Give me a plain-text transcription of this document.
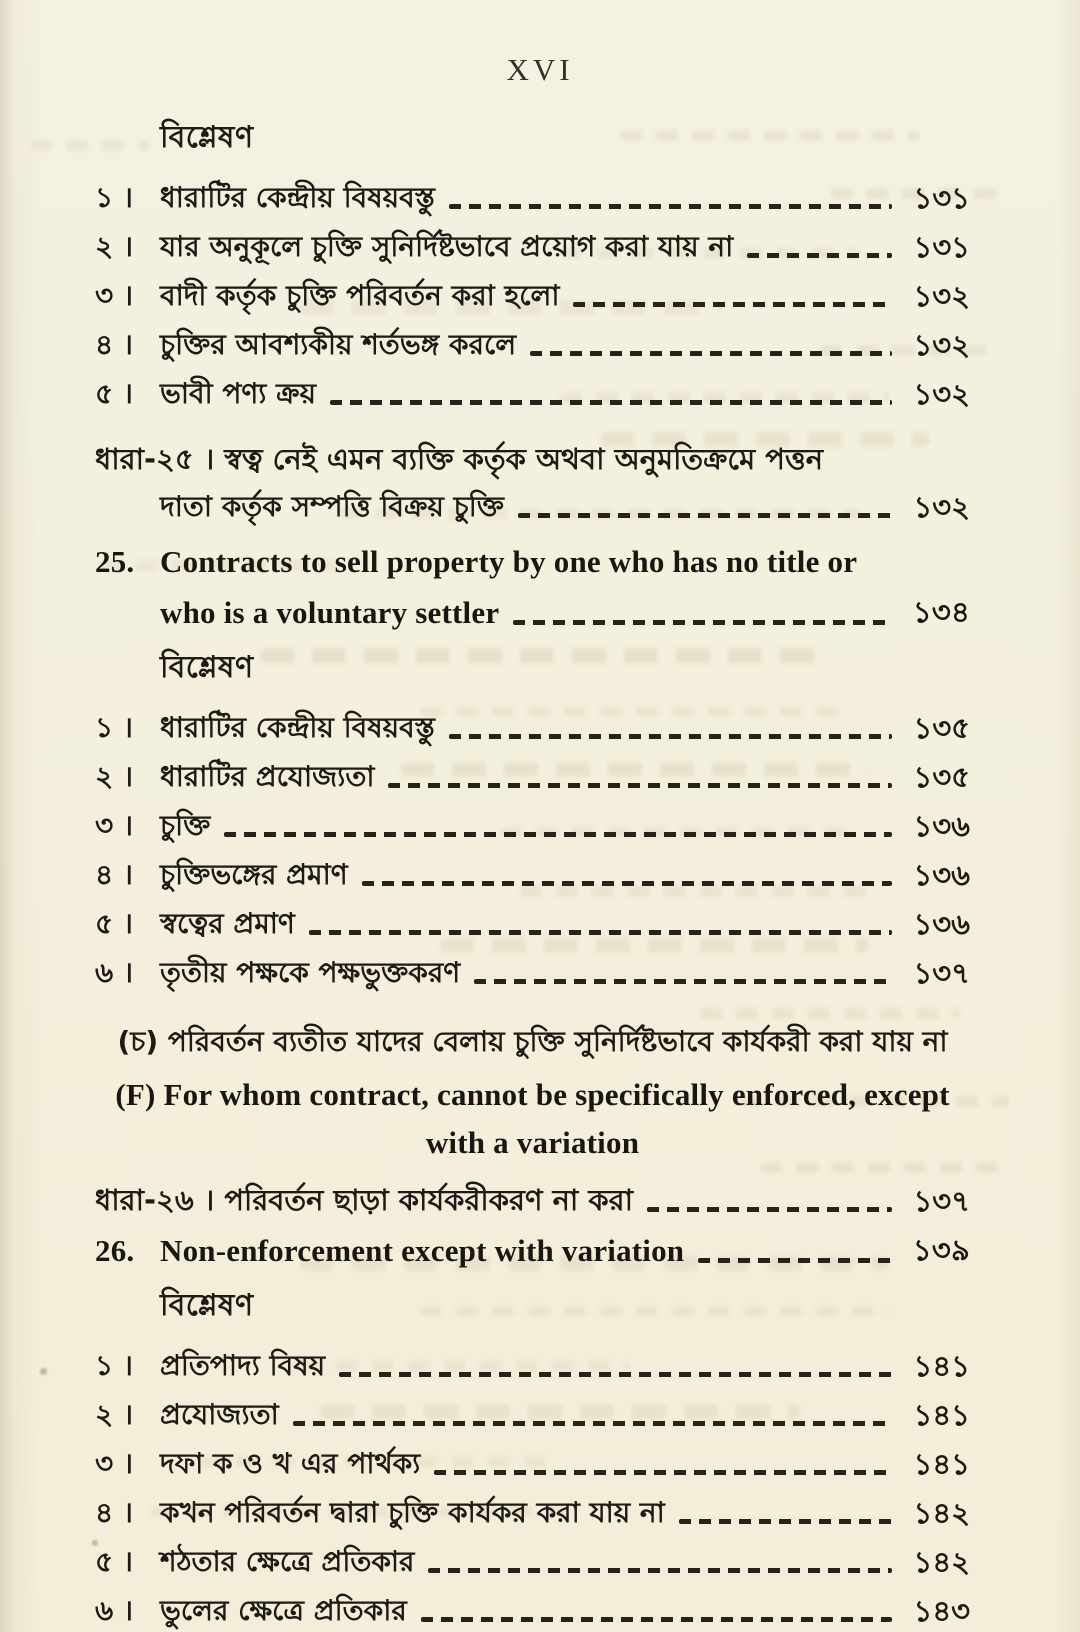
XVI
বিশ্লেষণ
১ । ধারাটির কেন্দ্রীয় বিষয়বস্তু	১৩১
২ । যার অনুকূলে চুক্তি সুনির্দিষ্টভাবে প্রয়োগ করা যায় না	১৩১
৩ । বাদী কর্তৃক চুক্তি পরিবর্তন করা হলো	১৩২
৪ । চুক্তির আবশ্যকীয় শর্তভঙ্গ করলে	১৩২
৫ । ভাবী পণ্য ক্রয়	১৩২
ধারা-২৫ । স্বত্ব নেই এমন ব্যক্তি কর্তৃক অথবা অনুমতিক্রমে পত্তন
দাতা কর্তৃক সম্পত্তি বিক্রয় চুক্তি	১৩২
25. Contracts to sell property by one who has no title or
who is a voluntary settler	১৩৪
বিশ্লেষণ
১ । ধারাটির কেন্দ্রীয় বিষয়বস্তু	১৩৫
২ । ধারাটির প্রযোজ্যতা	১৩৫
৩ । চুক্তি	১৩৬
৪ । চুক্তিভঙ্গের প্রমাণ	১৩৬
৫ । স্বত্বের প্রমাণ	১৩৬
৬ । তৃতীয় পক্ষকে পক্ষভুক্তকরণ	১৩৭
(চ) পরিবর্তন ব্যতীত যাদের বেলায় চুক্তি সুনির্দিষ্টভাবে কার্যকরী করা যায় না
(F) For whom contract, cannot be specifically enforced, except
with a variation
ধারা-২৬ । পরিবর্তন ছাড়া কার্যকরীকরণ না করা	১৩৭
26. Non-enforcement except with variation	১৩৯
বিশ্লেষণ
১ । প্রতিপাদ্য বিষয়	১৪১
২ । প্রযোজ্যতা	১৪১
৩ । দফা ক ও খ এর পার্থক্য	১৪১
৪ । কখন পরিবর্তন দ্বারা চুক্তি কার্যকর করা যায় না	১৪২
৫ । শঠতার ক্ষেত্রে প্রতিকার	১৪২
৬ । ভুলের ক্ষেত্রে প্রতিকার	১৪৩
